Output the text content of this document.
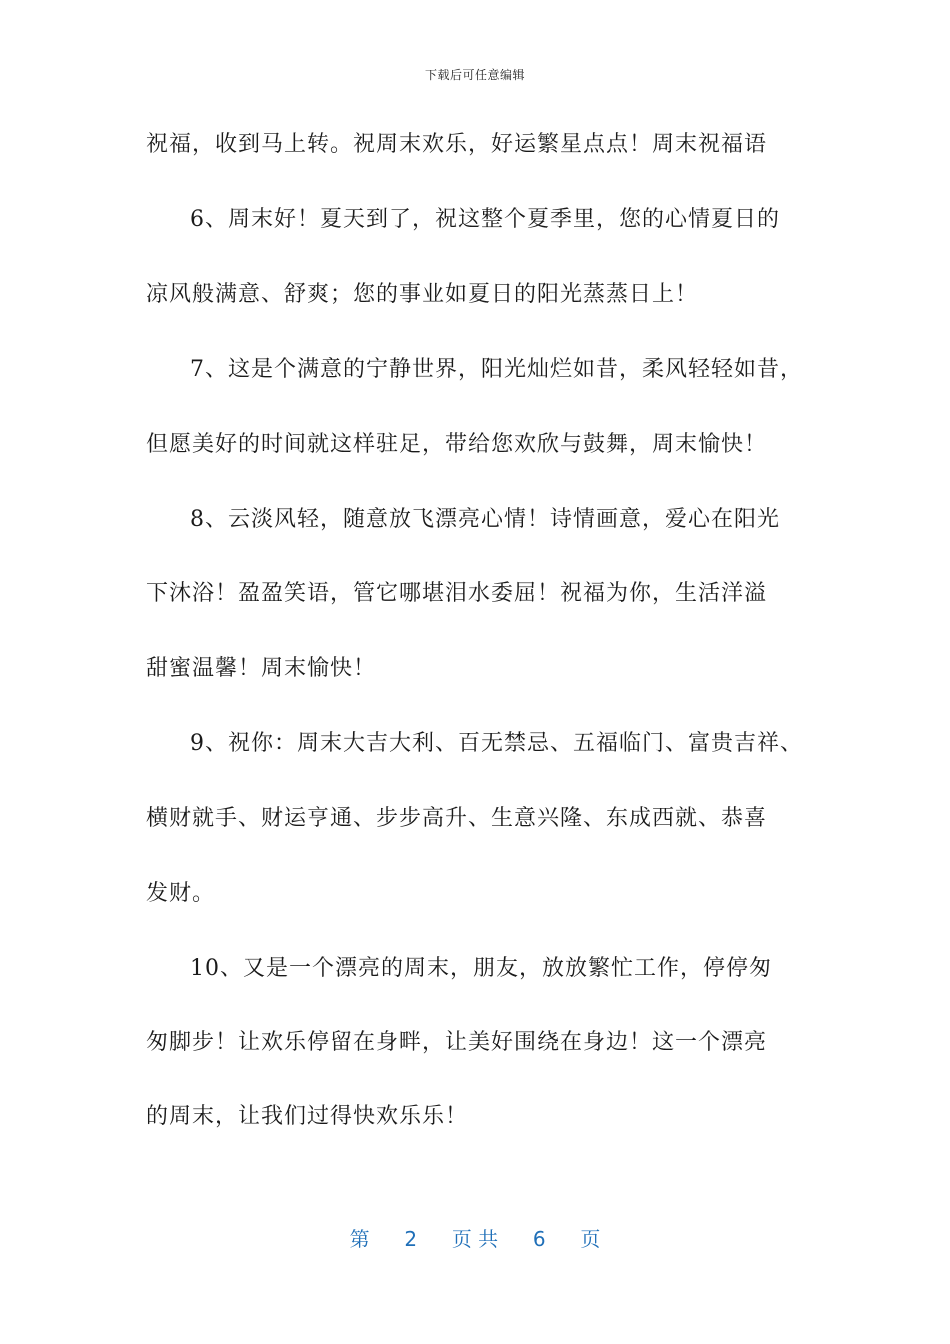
下载后可任意编辑
祝福，收到马上转。祝周末欢乐，好运繁星点点！周末祝福语
6、周末好！夏天到了，祝这整个夏季里，您的心情夏日的
凉风般满意、舒爽；您的事业如夏日的阳光蒸蒸日上！
7、这是个满意的宁静世界，阳光灿烂如昔，柔风轻轻如昔，
但愿美好的时间就这样驻足，带给您欢欣与鼓舞，周末愉快！
8、云淡风轻，随意放飞漂亮心情！诗情画意，爱心在阳光
下沐浴！盈盈笑语，管它哪堪泪水委屈！祝福为你，生活洋溢
甜蜜温馨！周末愉快！
9、祝你：周末大吉大利、百无禁忌、五福临门、富贵吉祥、
横财就手、财运亨通、步步高升、生意兴隆、东成西就、恭喜
发财。
10、又是一个漂亮的周末，朋友，放放繁忙工作，停停匆
匆脚步！让欢乐停留在身畔，让美好围绕在身边！这一个漂亮
的周末，让我们过得快欢乐乐！
第 2 页 共 6 页
